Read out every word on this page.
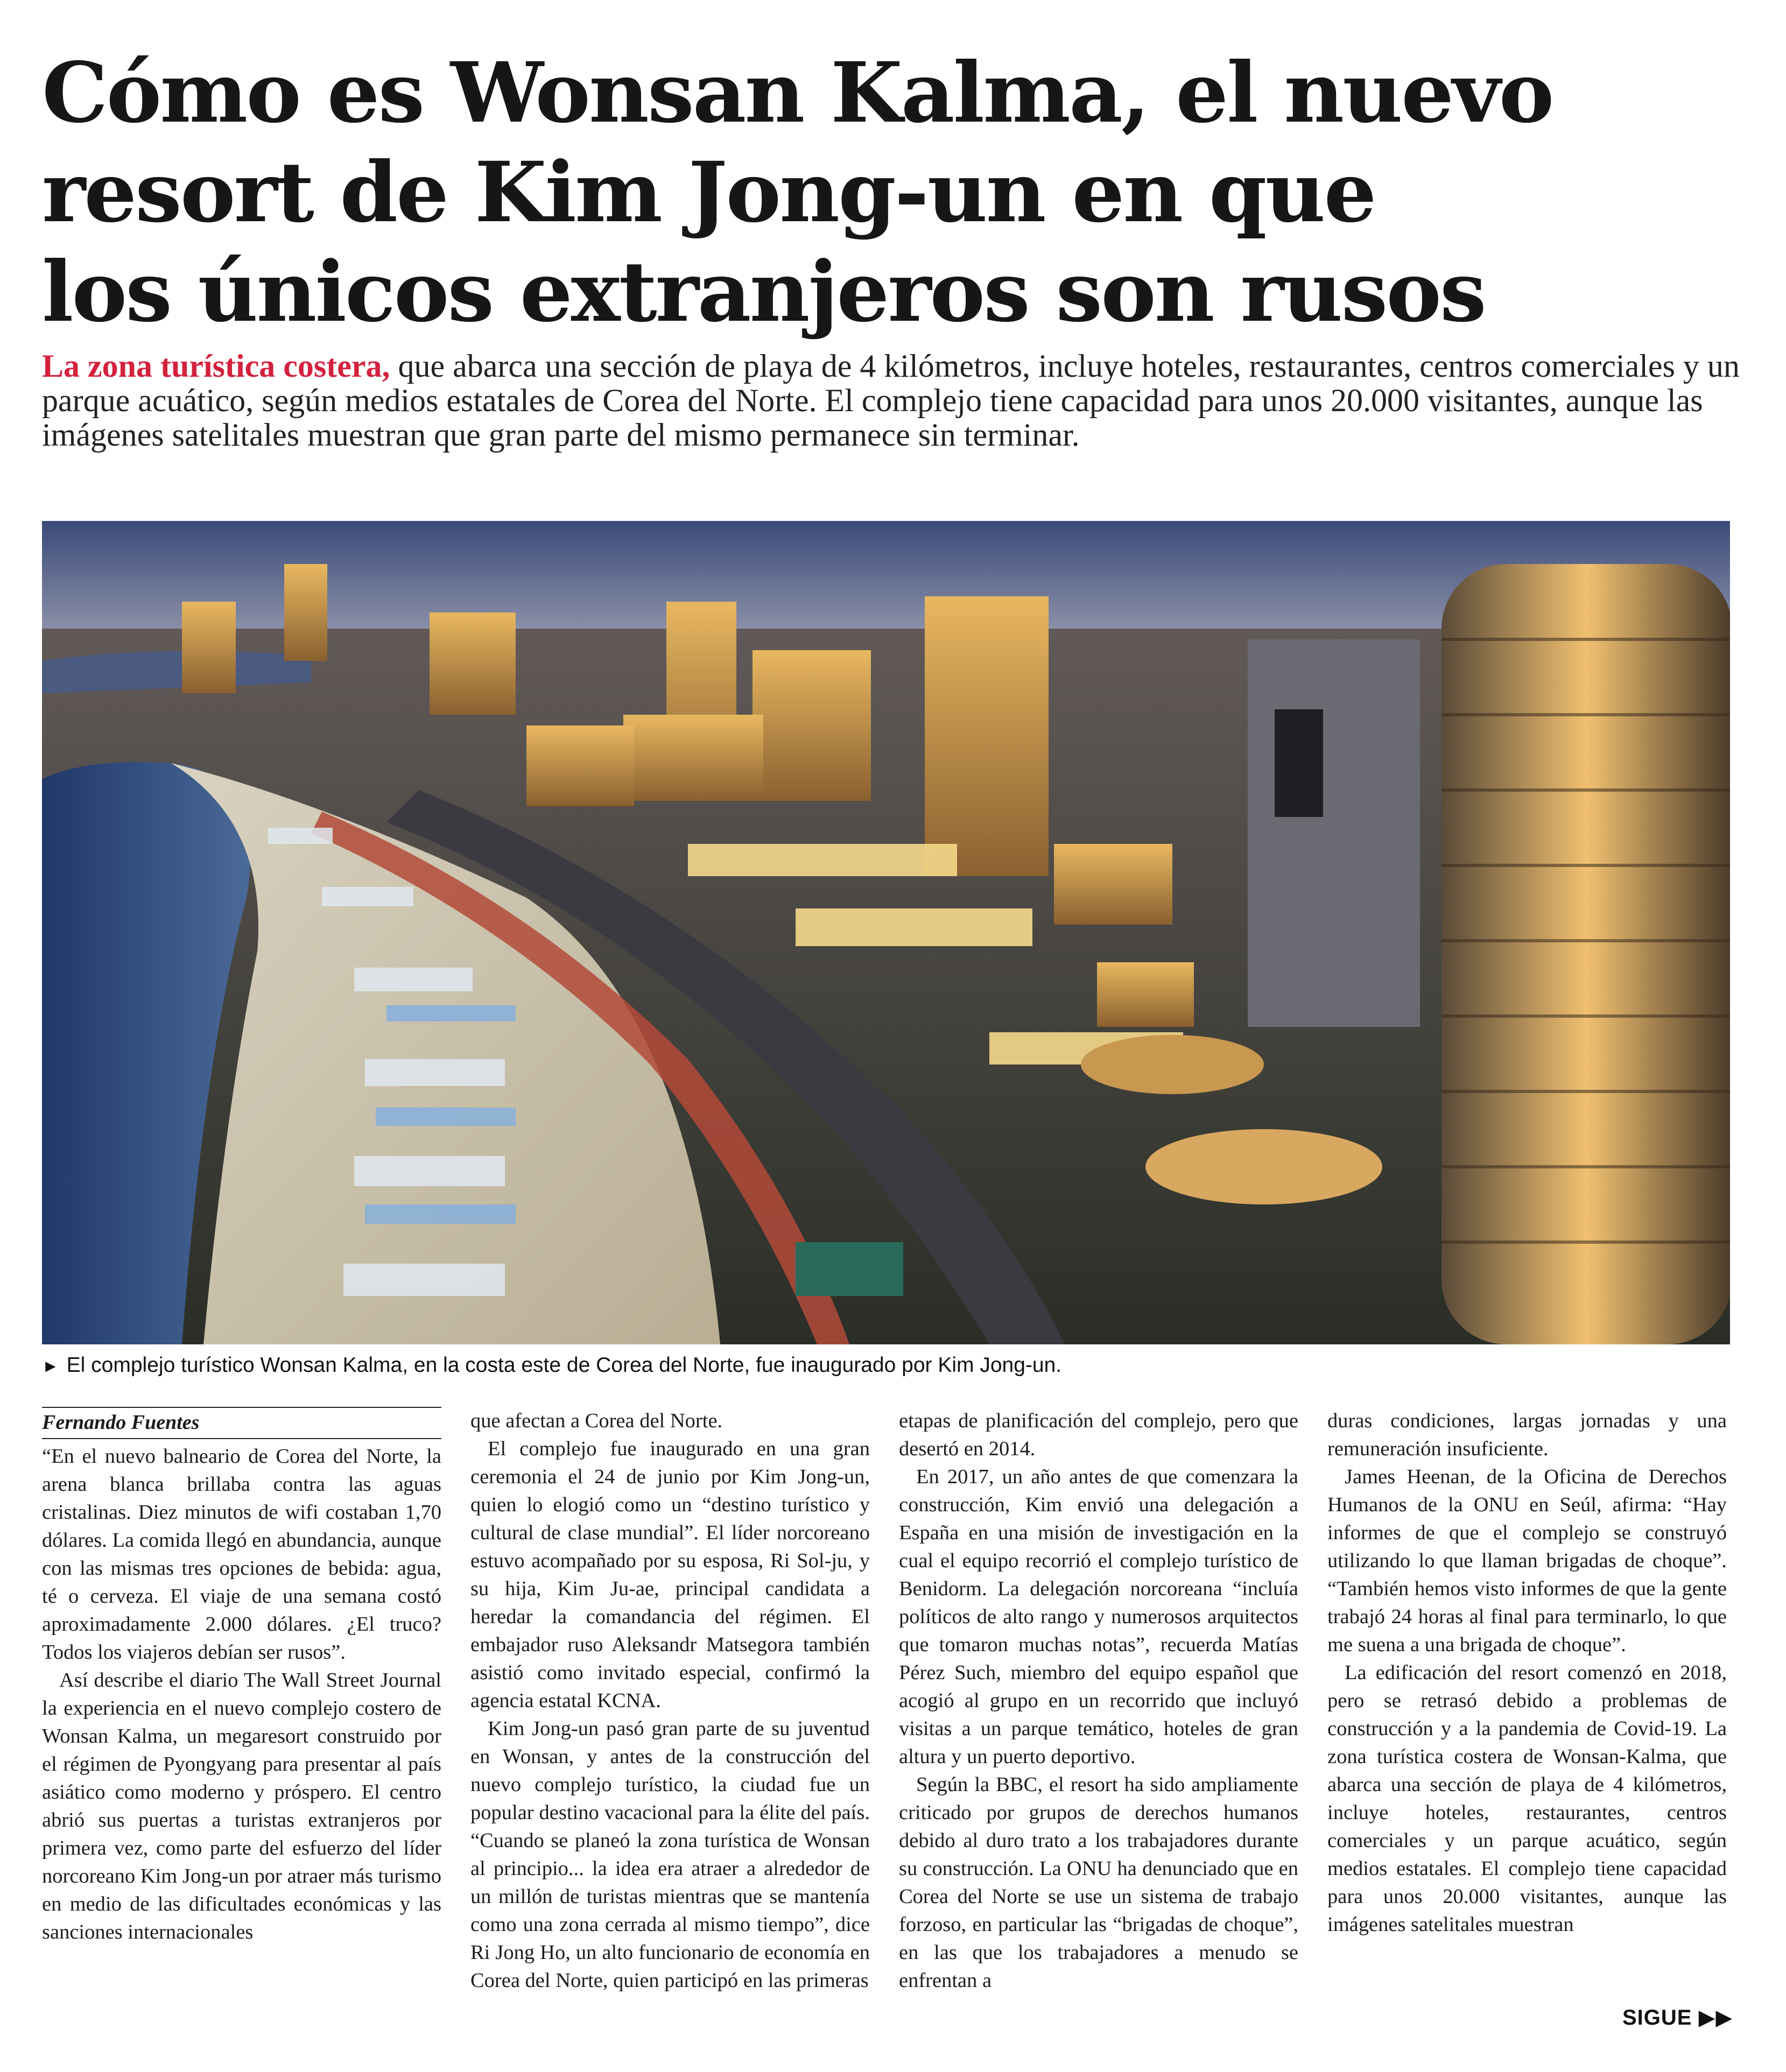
Cómo es Wonsan Kalma, el nuevo
resort de Kim Jong-un en que
los únicos extranjeros son rusos

La zona turística costera, que abarca una sección de playa de 4 kilómetros, incluye hoteles, restaurantes, centros comerciales y un parque acuático, según medios estatales de Corea del Norte. El complejo tiene capacidad para unos 20.000 visitantes, aunque las imágenes satelitales muestran que gran parte del mismo permanece sin terminar.

► El complejo turístico Wonsan Kalma, en la costa este de Corea del Norte, fue inaugurado por Kim Jong-un.

Fernando Fuentes

“En el nuevo balneario de Corea del Norte, la arena blanca brillaba contra las aguas cristalinas. Diez minutos de wifi costaban 1,70 dólares. La comida llegó en abundancia, aunque con las mismas tres opciones de bebida: agua, té o cerveza. El viaje de una semana costó aproximadamente 2.000 dólares. ¿El truco? Todos los viajeros debían ser rusos”.

Así describe el diario The Wall Street Journal la experiencia en el nuevo complejo costero de Wonsan Kalma, un megaresort construido por el régimen de Pyongyang para presentar al país asiático como moderno y próspero. El centro abrió sus puertas a turistas extranjeros por primera vez, como parte del esfuerzo del líder norcoreano Kim Jong-un por atraer más turismo en medio de las dificultades económicas y las sanciones internacionales

que afectan a Corea del Norte.

El complejo fue inaugurado en una gran ceremonia el 24 de junio por Kim Jong-un, quien lo elogió como un “destino turístico y cultural de clase mundial”. El líder norcoreano estuvo acompañado por su esposa, Ri Sol-ju, y su hija, Kim Ju-ae, principal candidata a heredar la comandancia del régimen. El embajador ruso Aleksandr Matsegora también asistió como invitado especial, confirmó la agencia estatal KCNA.

Kim Jong-un pasó gran parte de su juventud en Wonsan, y antes de la construcción del nuevo complejo turístico, la ciudad fue un popular destino vacacional para la élite del país. “Cuando se planeó la zona turística de Wonsan al principio... la idea era atraer a alrededor de un millón de turistas mientras que se mantenía como una zona cerrada al mismo tiempo”, dice Ri Jong Ho, un alto funcionario de economía en Corea del Norte, quien participó en las primeras

etapas de planificación del complejo, pero que desertó en 2014.

En 2017, un año antes de que comenzara la construcción, Kim envió una delegación a España en una misión de investigación en la cual el equipo recorrió el complejo turístico de Benidorm. La delegación norcoreana “incluía políticos de alto rango y numerosos arquitectos que tomaron muchas notas”, recuerda Matías Pérez Such, miembro del equipo español que acogió al grupo en un recorrido que incluyó visitas a un parque temático, hoteles de gran altura y un puerto deportivo.

Según la BBC, el resort ha sido ampliamente criticado por grupos de derechos humanos debido al duro trato a los trabajadores durante su construcción. La ONU ha denunciado que en Corea del Norte se use un sistema de trabajo forzoso, en particular las “brigadas de choque”, en las que los trabajadores a menudo se enfrentan a

duras condiciones, largas jornadas y una remuneración insuficiente.

James Heenan, de la Oficina de Derechos Humanos de la ONU en Seúl, afirma: “Hay informes de que el complejo se construyó utilizando lo que llaman brigadas de choque”. “También hemos visto informes de que la gente trabajó 24 horas al final para terminarlo, lo que me suena a una brigada de choque”.

La edificación del resort comenzó en 2018, pero se retrasó debido a problemas de construcción y a la pandemia de Covid-19. La zona turística costera de Wonsan-Kalma, que abarca una sección de playa de 4 kilómetros, incluye hoteles, restaurantes, centros comerciales y un parque acuático, según medios estatales. El complejo tiene capacidad para unos 20.000 visitantes, aunque las imágenes satelitales muestran

SIGUE ▶▶
